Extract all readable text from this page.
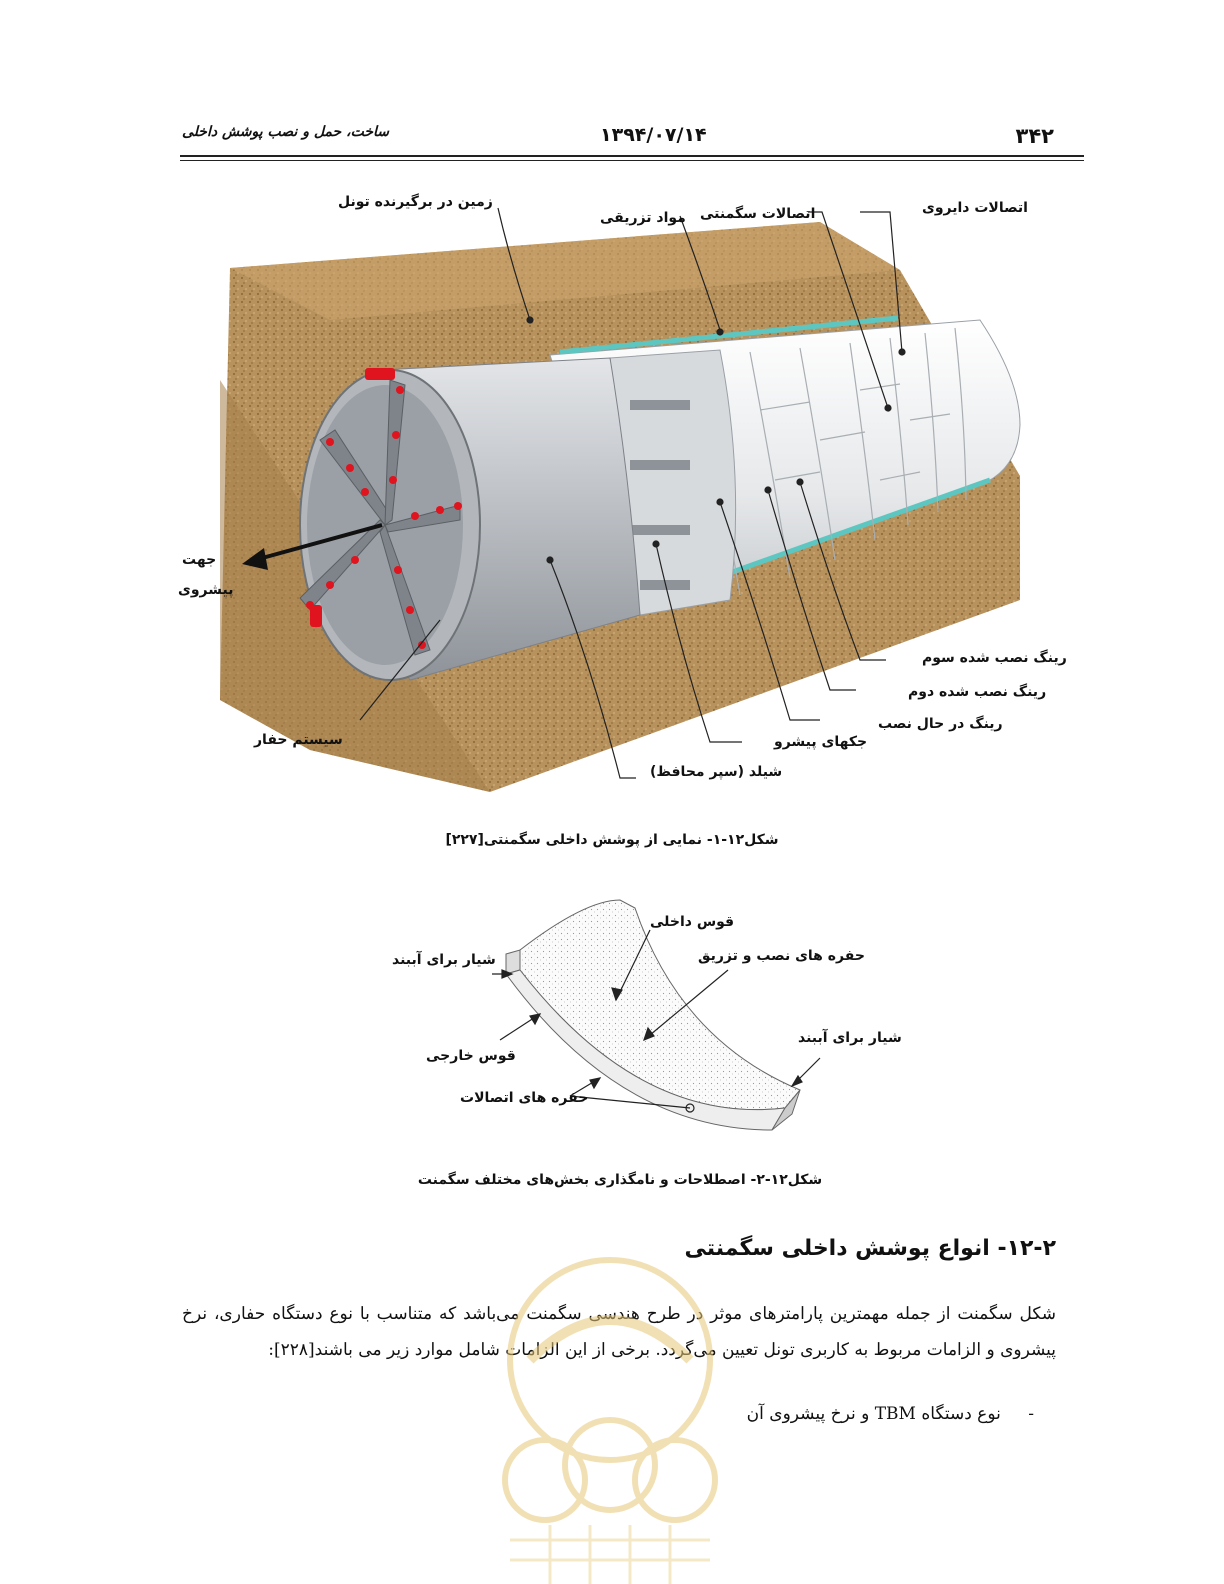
۳۴۲
۱۳۹۴/۰۷/۱۴
ساخت، حمل و نصب پوشش داخلی
زمین در برگیرنده تونل
مواد تزریقی اتصالات سگمنتی	اتصالات دایروی
جهت
پیشروی
رینگ نصب شده سوم
رینگ نصب شده دوم
رینگ در حال نصب
جکهای پیشرو
شیلد (سپر محافظ)
سیستم حفار
شکل۱۲-۱- نمایی از پوشش داخلی سگمنتی[۲۲۷]
قوس داخلی
حفره های نصب و تزریق
شیار برای آببند
شیار برای آببند
قوس خارجی
حفره های اتصالات
شکل۱۲-۲- اصطلاحات و نامگذاری بخش‌های مختلف سگمنت
۱۲-۲- انواع پوشش داخلی سگمنتی

شکل سگمنت از جمله مهمترین پارامترهای موثر در طرح هندسی سگمنت می‌باشد که متناسب با نوع دستگاه حفاری، نرخ پیشروی و الزامات مربوط به کاربری تونل تعیین می‌گردد. برخی از این الزامات شامل موارد زیر می باشند[۲۲۸]:

- نوع دستگاه TBM و نرخ پیشروی آن
